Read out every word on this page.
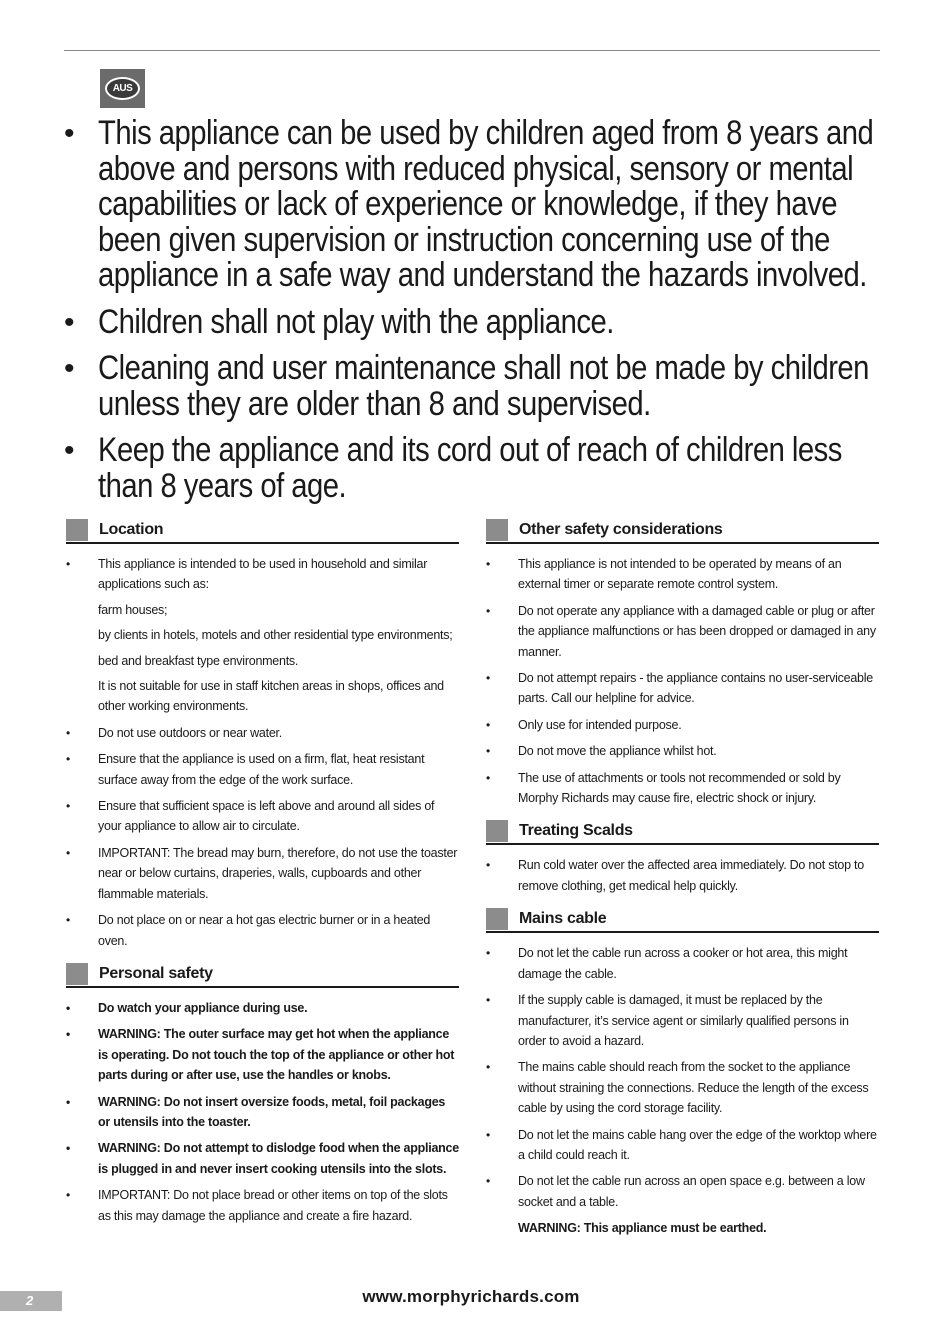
AUS
• This appliance can be used by children aged from 8 years and above and persons with reduced physical, sensory or mental capabilities or lack of experience or knowledge, if they have been given supervision or instruction concerning use of the appliance in a safe way and understand the hazards involved.
• Children shall not play with the appliance.
• Cleaning and user maintenance shall not be made by children unless they are older than 8 and supervised.
• Keep the appliance and its cord out of reach of children less than 8 years of age.
Location
• This appliance is intended to be used in household and similar applications such as:
farm houses;
by clients in hotels, motels and other residential type environments;
bed and breakfast type environments.
It is not suitable for use in staff kitchen areas in shops, offices and other working environments.
• Do not use outdoors or near water.
• Ensure that the appliance is used on a firm, flat, heat resistant surface away from the edge of the work surface.
• Ensure that sufficient space is left above and around all sides of your appliance to allow air to circulate.
• IMPORTANT: The bread may burn, therefore, do not use the toaster near or below curtains, draperies, walls, cupboards and other flammable materials.
• Do not place on or near a hot gas electric burner or in a heated oven.
Personal safety
• Do watch your appliance during use.
• WARNING: The outer surface may get hot when the appliance is operating. Do not touch the top of the appliance or other hot parts during or after use, use the handles or knobs.
• WARNING: Do not insert oversize foods, metal, foil packages or utensils into the toaster.
• WARNING: Do not attempt to dislodge food when the appliance is plugged in and never insert cooking utensils into the slots.
• IMPORTANT: Do not place bread or other items on top of the slots as this may damage the appliance and create a fire hazard.
Other safety considerations
• This appliance is not intended to be operated by means of an external timer or separate remote control system.
• Do not operate any appliance with a damaged cable or plug or after the appliance malfunctions or has been dropped or damaged in any manner.
• Do not attempt repairs - the appliance contains no user-serviceable parts. Call our helpline for advice.
• Only use for intended purpose.
• Do not move the appliance whilst hot.
• The use of attachments or tools not recommended or sold by Morphy Richards may cause fire, electric shock or injury.
Treating Scalds
• Run cold water over the affected area immediately. Do not stop to remove clothing, get medical help quickly.
Mains cable
• Do not let the cable run across a cooker or hot area, this might damage the cable.
• If the supply cable is damaged, it must be replaced by the manufacturer, it’s service agent or similarly qualified persons in order to avoid a hazard.
• The mains cable should reach from the socket to the appliance without straining the connections. Reduce the length of the excess cable by using the cord storage facility.
• Do not let the mains cable hang over the edge of the worktop where a child could reach it.
• Do not let the cable run across an open space e.g. between a low socket and a table.
WARNING: This appliance must be earthed.
2	www.morphyrichards.com
